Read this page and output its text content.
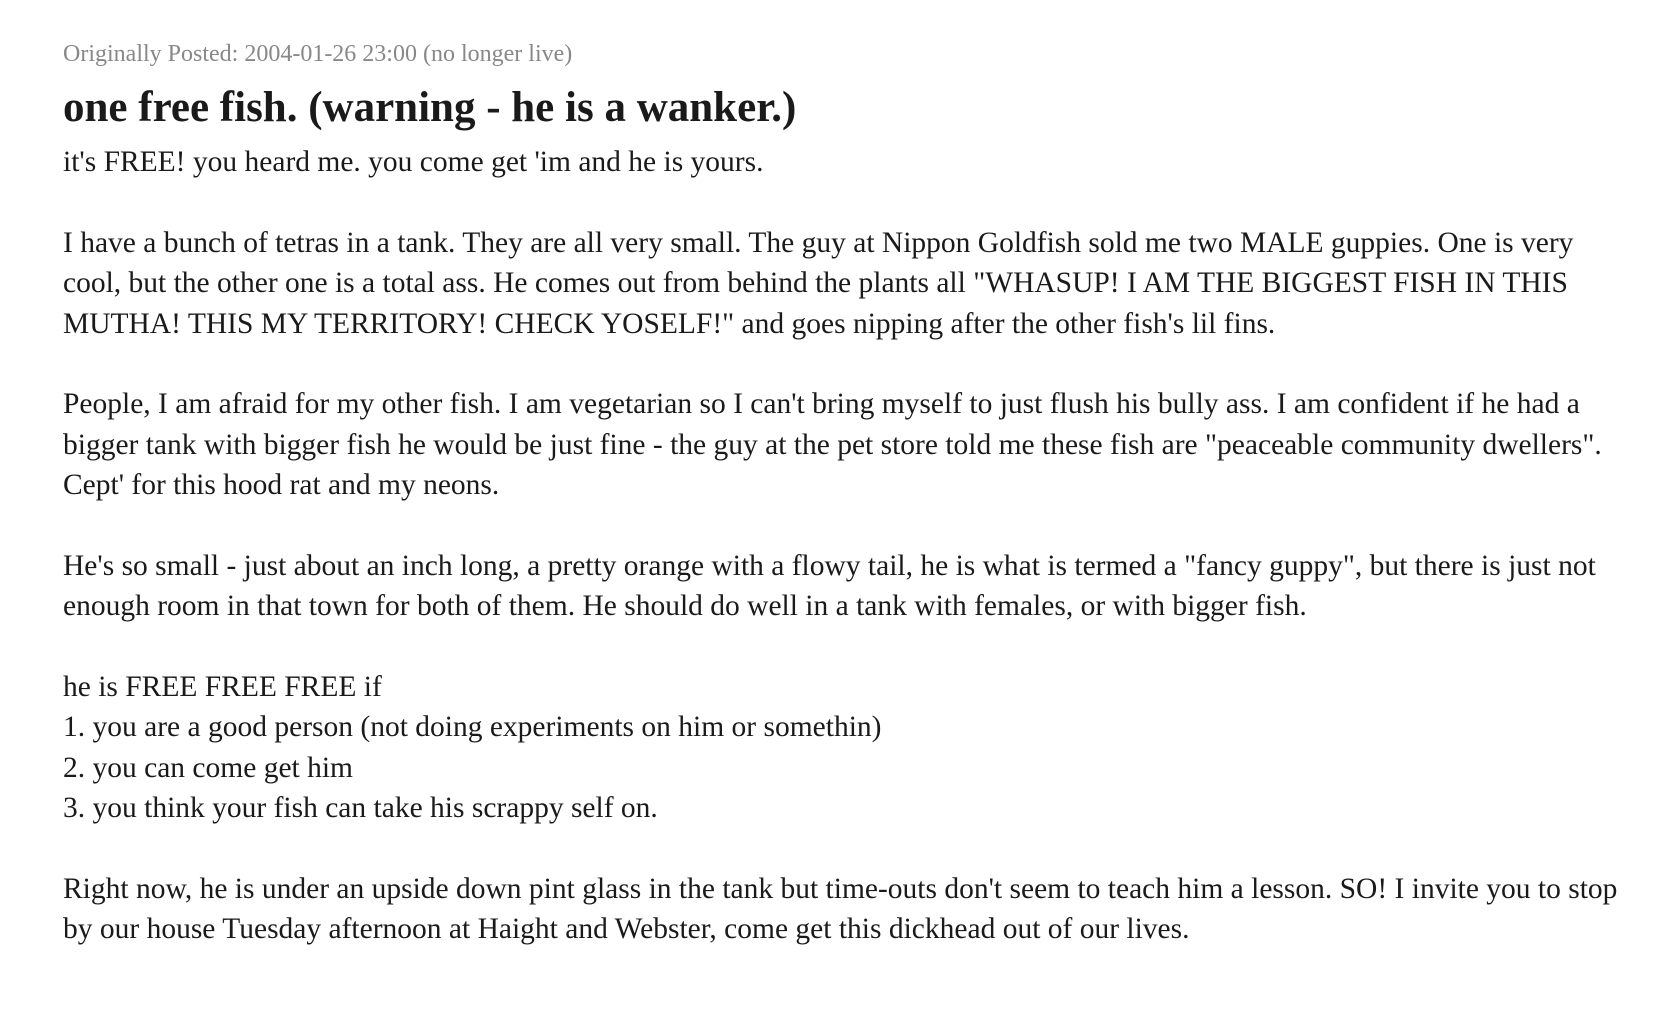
Originally Posted: 2004-01-26 23:00 (no longer live)

one free fish. (warning - he is a wanker.)

it's FREE! you heard me. you come get 'im and he is yours.

I have a bunch of tetras in a tank. They are all very small. The guy at Nippon Goldfish sold me two MALE guppies. One is very cool, but the other one is a total ass. He comes out from behind the plants all "WHASUP! I AM THE BIGGEST FISH IN THIS MUTHA! THIS MY TERRITORY! CHECK YOSELF!" and goes nipping after the other fish's lil fins.

People, I am afraid for my other fish. I am vegetarian so I can't bring myself to just flush his bully ass. I am confident if he had a bigger tank with bigger fish he would be just fine - the guy at the pet store told me these fish are "peaceable community dwellers". Cept' for this hood rat and my neons.

He's so small - just about an inch long, a pretty orange with a flowy tail, he is what is termed a "fancy guppy", but there is just not enough room in that town for both of them. He should do well in a tank with females, or with bigger fish.

he is FREE FREE FREE if
1. you are a good person (not doing experiments on him or somethin)
2. you can come get him
3. you think your fish can take his scrappy self on.

Right now, he is under an upside down pint glass in the tank but time-outs don't seem to teach him a lesson. SO! I invite you to stop by our house Tuesday afternoon at Haight and Webster, come get this dickhead out of our lives.
